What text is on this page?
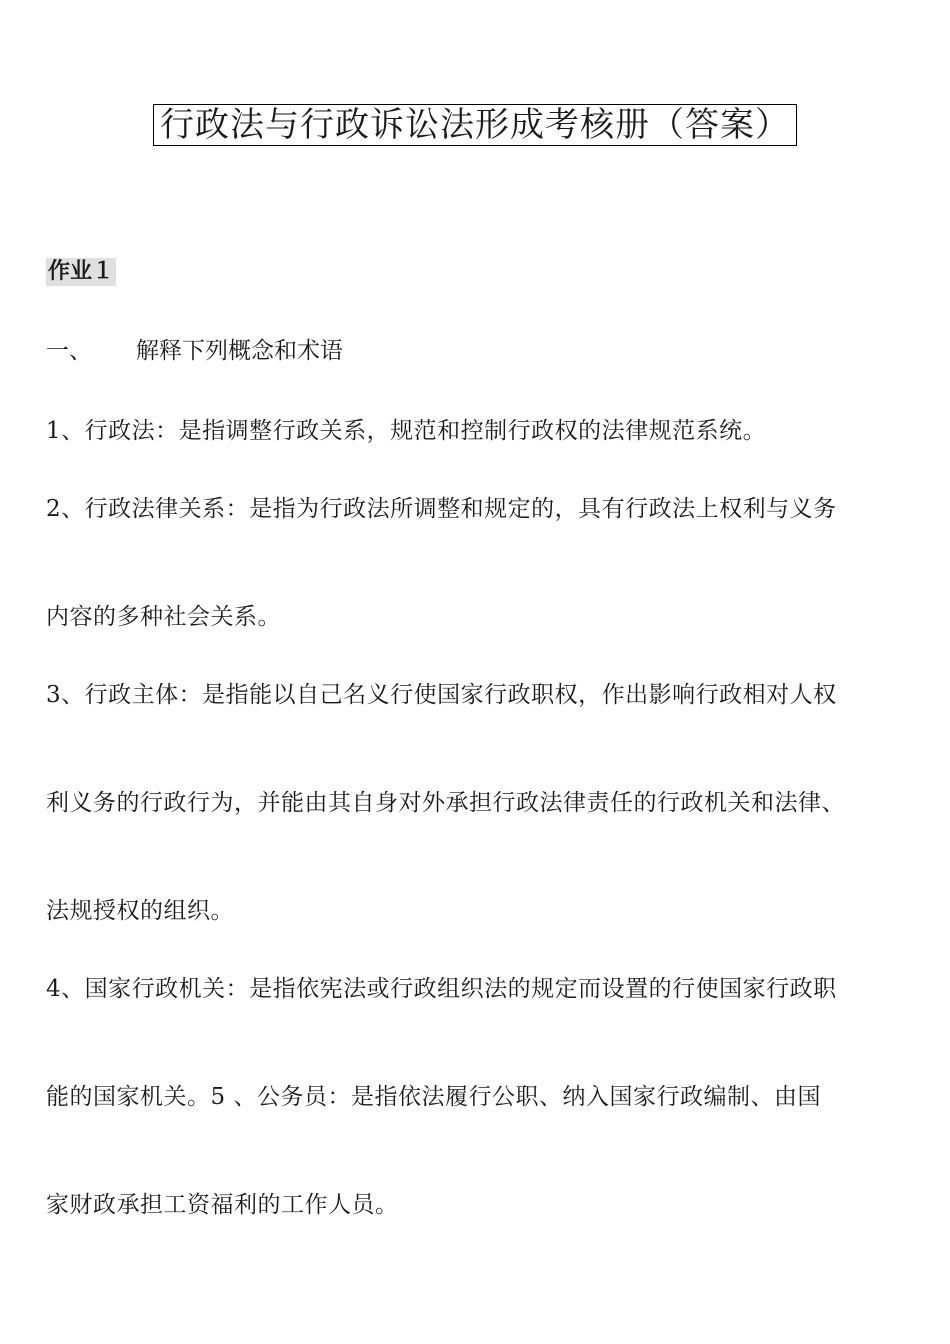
行政法与行政诉讼法形成考核册（答案）
作业１
一、 解释下列概念和术语
1、行政法：是指调整行政关系，规范和控制行政权的法律规范系统。
2、行政法律关系：是指为行政法所调整和规定的，具有行政法上权利与义务
内容的多种社会关系。
3、行政主体：是指能以自己名义行使国家行政职权，作出影响行政相对人权
利义务的行政行为，并能由其自身对外承担行政法律责任的行政机关和法律、
法规授权的组织。
4、国家行政机关：是指依宪法或行政组织法的规定而设置的行使国家行政职
能的国家机关。5 、公务员：是指依法履行公职、纳入国家行政编制、由国
家财政承担工资福利的工作人员。
